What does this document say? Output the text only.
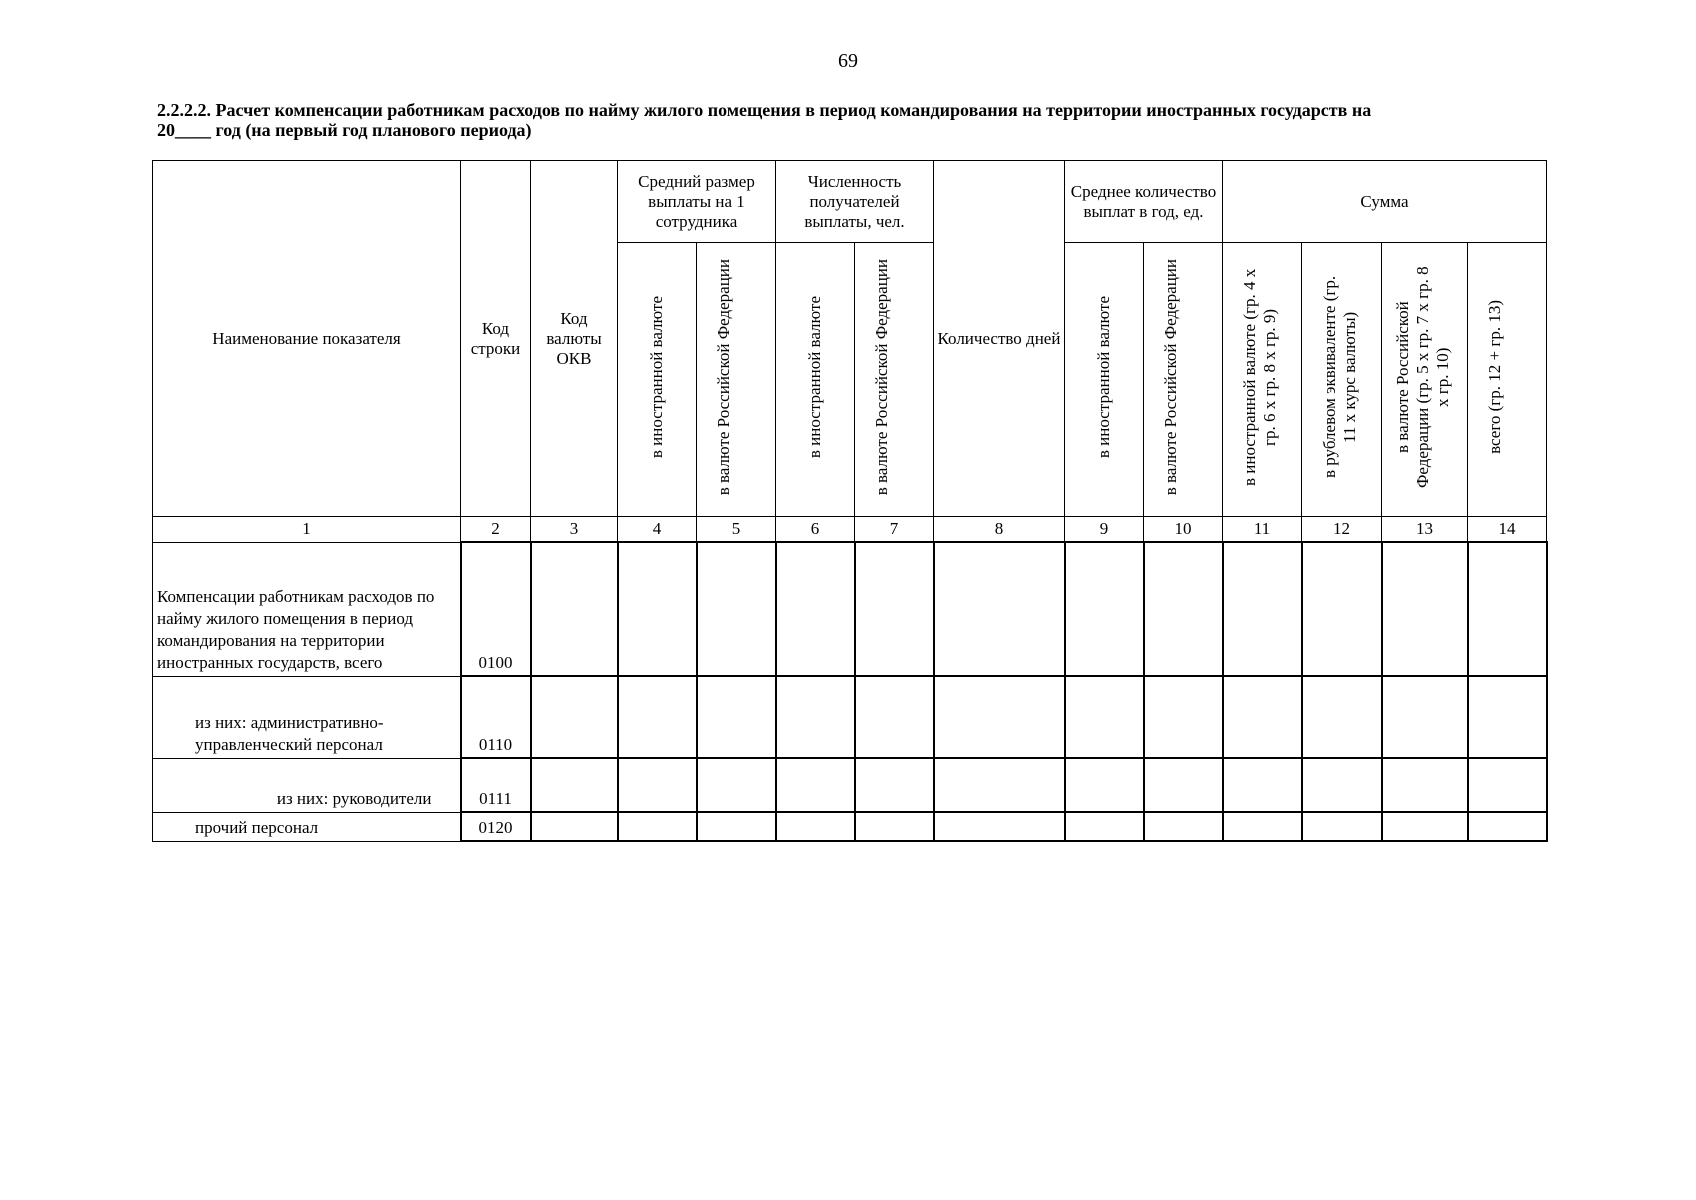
69
2.2.2.2. Расчет компенсации работникам расходов по найму жилого помещения в период командирования на территории иностранных государств на
20____ год (на первый год планового периода)
Наименование показателя	Код строки	Код валюты ОКВ	Средний размер выплаты на 1 сотрудника		Численность получателей выплаты, чел.		Количество дней	Среднее количество выплат в год, ед.		Сумма			
			в иностранной валюте	в валюте Российской Федерации	в иностранной валюте	в валюте Российской Федерации		в иностранной валюте	в валюте Российской Федерации	в иностранной валюте (гр. 4 х гр. 6 х гр. 8 х гр. 9)	в рублевом эквиваленте (гр. 11 х курс валюты)	в валюте Российской Федерации (гр. 5 х гр. 7 х гр. 8 х гр. 10)	всего (гр. 12 + гр. 13)
1	2	3	4	5	6	7	8	9	10	11	12	13	14
Компенсации работникам расходов по найму жилого помещения в период командирования на территории иностранных государств, всего	0100												
из них: административно-управленческий персонал	0110												
из них: руководители	0111												
прочий персонал	0120												
